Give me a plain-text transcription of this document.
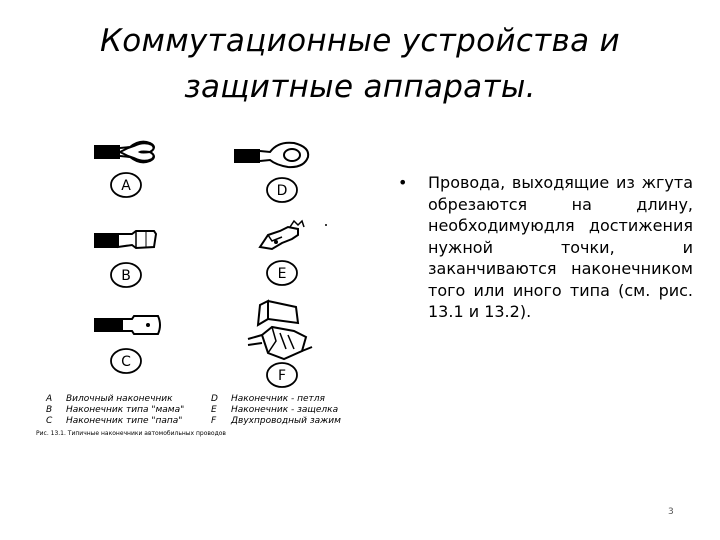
Коммутационные устройства и
защитные аппараты.
A
B
C
D
E
F
A	Вилочный наконечник	D	Наконечник - петля
B	Наконечник типа "мама"	E	Наконечник - защелка
C	Наконечник типе "папа"	F	Двухпроводный зажим
Рис. 13.1. Типичные наконечники автомобильных проводов
• Провода, выходящие из жгута обрезаются на длину, необходимуюдля достижения нужной точки, и заканчиваются наконечником того или иного типа (см. рис. 13.1 и 13.2).
3
